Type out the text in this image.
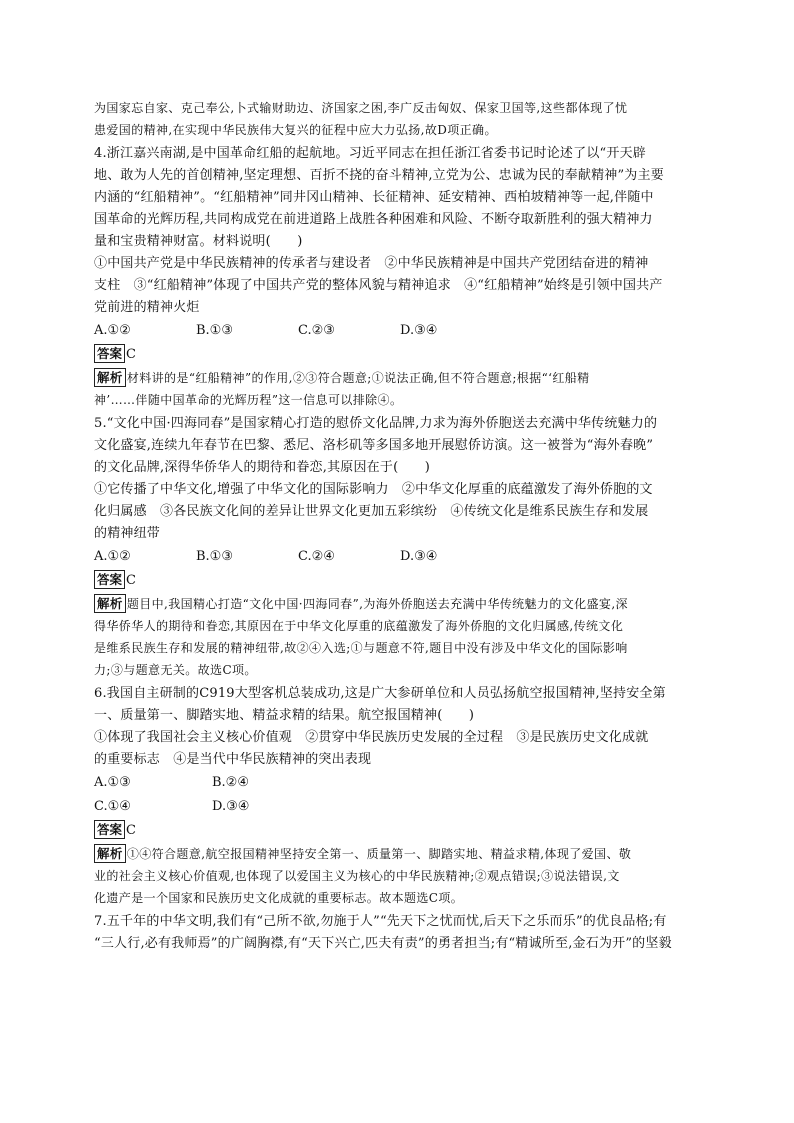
为国家忘自家、克己奉公,卜式输财助边、济国家之困,李广反击匈奴、保家卫国等,这些都体现了忧
患爱国的精神,在实现中华民族伟大复兴的征程中应大力弘扬,故D项正确。
4.浙江嘉兴南湖,是中国革命红船的起航地。习近平同志在担任浙江省委书记时论述了以“开天辟
地、敢为人先的首创精神,坚定理想、百折不挠的奋斗精神,立党为公、忠诚为民的奉献精神”为主要
内涵的“红船精神”。“红船精神”同井冈山精神、长征精神、延安精神、西柏坡精神等一起,伴随中
国革命的光辉历程,共同构成党在前进道路上战胜各种困难和风险、不断夺取新胜利的强大精神力
量和宝贵精神财富。材料说明(　　)
①中国共产党是中华民族精神的传承者与建设者　②中华民族精神是中国共产党团结奋进的精神
支柱　③“红船精神”体现了中国共产党的整体风貌与精神追求　④“红船精神”始终是引领中国共产
党前进的精神火炬
A.①②	B.①③	C.②③	D.③④
答案 C
解析 材料讲的是“红船精神”的作用,②③符合题意;①说法正确,但不符合题意;根据“‘红船精
神’……伴随中国革命的光辉历程”这一信息可以排除④。
5.“文化中国·四海同春”是国家精心打造的慰侨文化品牌,力求为海外侨胞送去充满中华传统魅力的
文化盛宴,连续九年春节在巴黎、悉尼、洛杉矶等多国多地开展慰侨访演。这一被誉为“海外春晚”
的文化品牌,深得华侨华人的期待和眷恋,其原因在于(　　)
①它传播了中华文化,增强了中华文化的国际影响力　②中华文化厚重的底蕴激发了海外侨胞的文
化归属感　③各民族文化间的差异让世界文化更加五彩缤纷　④传统文化是维系民族生存和发展
的精神纽带
A.①②	B.①③	C.②④	D.③④
答案 C
解析 题目中,我国精心打造“文化中国·四海同春”,为海外侨胞送去充满中华传统魅力的文化盛宴,深
得华侨华人的期待和眷恋,其原因在于中华文化厚重的底蕴激发了海外侨胞的文化归属感,传统文化
是维系民族生存和发展的精神纽带,故②④入选;①与题意不符,题目中没有涉及中华文化的国际影响
力;③与题意无关。故选C项。
6.我国自主研制的C919大型客机总装成功,这是广大参研单位和人员弘扬航空报国精神,坚持安全第
一、质量第一、脚踏实地、精益求精的结果。航空报国精神(　　)
①体现了我国社会主义核心价值观　②贯穿中华民族历史发展的全过程　③是民族历史文化成就
的重要标志　④是当代中华民族精神的突出表现
A.①③	B.②④
C.①④	D.③④
答案 C
解析 ①④符合题意,航空报国精神坚持安全第一、质量第一、脚踏实地、精益求精,体现了爱国、敬
业的社会主义核心价值观,也体现了以爱国主义为核心的中华民族精神;②观点错误;③说法错误,文
化遗产是一个国家和民族历史文化成就的重要标志。故本题选C项。
7.五千年的中华文明,我们有“己所不欲,勿施于人”“先天下之忧而忧,后天下之乐而乐”的优良品格;有
“三人行,必有我师焉”的广阔胸襟,有“天下兴亡,匹夫有责”的勇者担当;有“精诚所至,金石为开”的坚毅
